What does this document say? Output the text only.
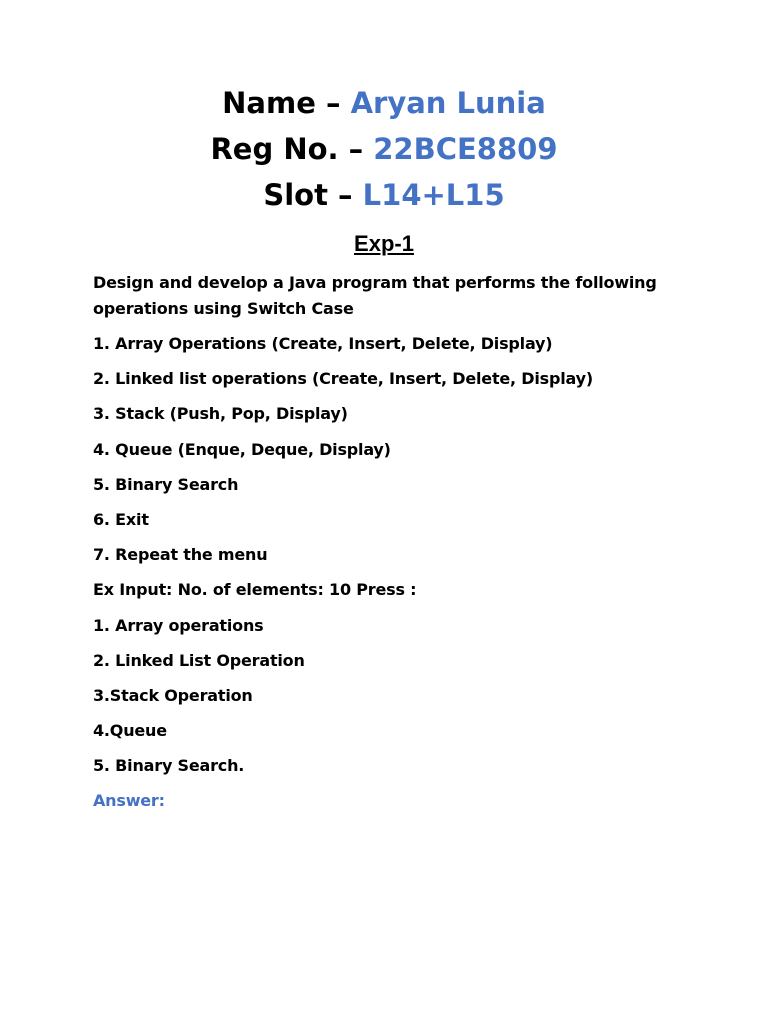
Name – Aryan Lunia
Reg No. – 22BCE8809
Slot – L14+L15
Exp-1

Design and develop a Java program that performs the following

operations using Switch Case

1. Array Operations (Create, Insert, Delete, Display)

2. Linked list operations (Create, Insert, Delete, Display)

3. Stack (Push, Pop, Display)

4. Queue (Enque, Deque, Display)

5. Binary Search

6. Exit

7. Repeat the menu

Ex Input: No. of elements: 10 Press :

1. Array operations

2. Linked List Operation

3.Stack Operation

4.Queue

5. Binary Search.

Answer:
